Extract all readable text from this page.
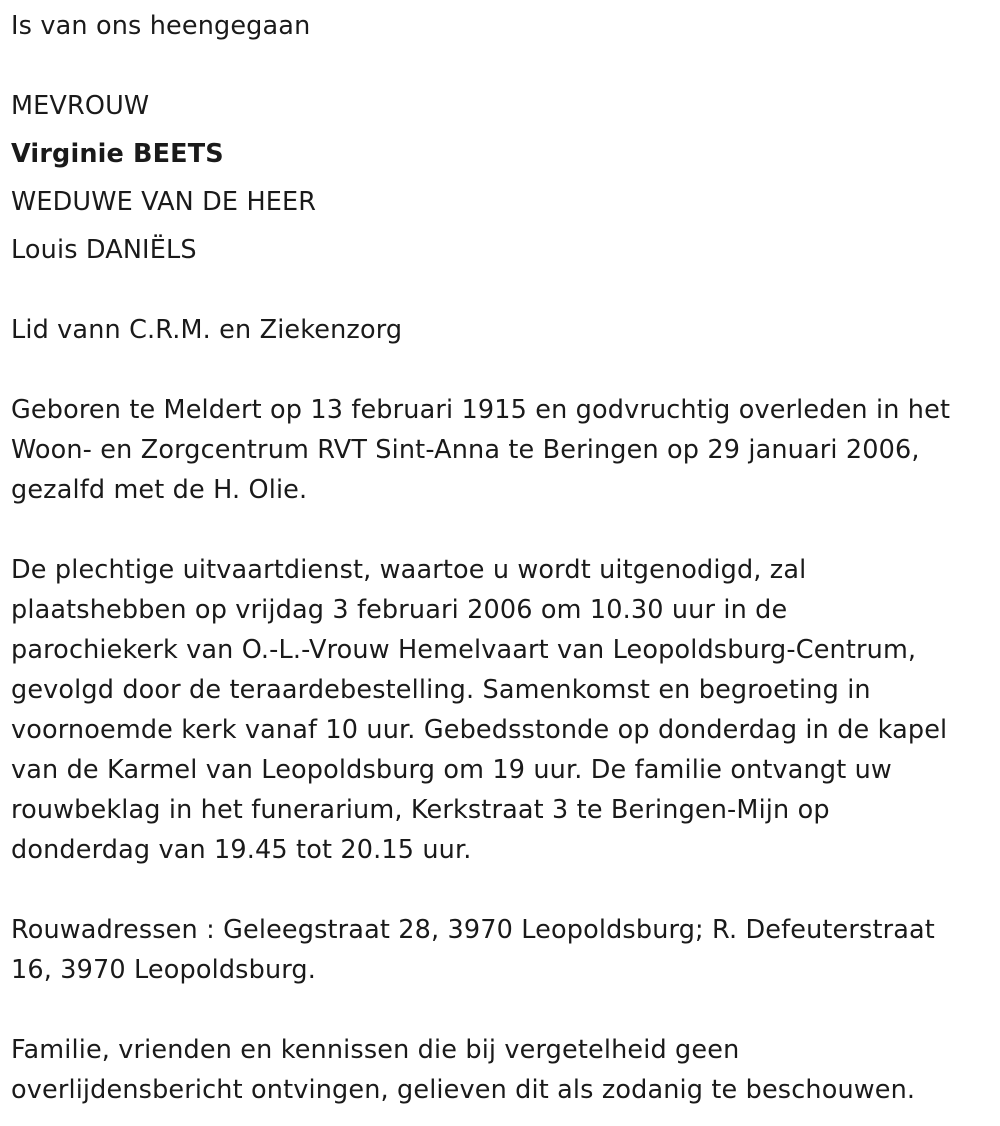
Is van ons heengegaan
MEVROUW
Virginie BEETS
WEDUWE VAN DE HEER
Louis DANIËLS
Lid vann C.R.M. en Ziekenzorg
Geboren te Meldert op 13 februari 1915 en godvruchtig overleden in het
Woon- en Zorgcentrum RVT Sint-Anna te Beringen op 29 januari 2006,
gezalfd met de H. Olie.
De plechtige uitvaartdienst, waartoe u wordt uitgenodigd, zal
plaatshebben op vrijdag 3 februari 2006 om 10.30 uur in de
parochiekerk van O.-L.-Vrouw Hemelvaart van Leopoldsburg-Centrum,
gevolgd door de teraardebestelling. Samenkomst en begroeting in
voornoemde kerk vanaf 10 uur. Gebedsstonde op donderdag in de kapel
van de Karmel van Leopoldsburg om 19 uur. De familie ontvangt uw
rouwbeklag in het funerarium, Kerkstraat 3 te Beringen-Mijn op
donderdag van 19.45 tot 20.15 uur.
Rouwadressen : Geleegstraat 28, 3970 Leopoldsburg; R. Defeuterstraat
16, 3970 Leopoldsburg.
Familie, vrienden en kennissen die bij vergetelheid geen
overlijdensbericht ontvingen, gelieven dit als zodanig te beschouwen.
